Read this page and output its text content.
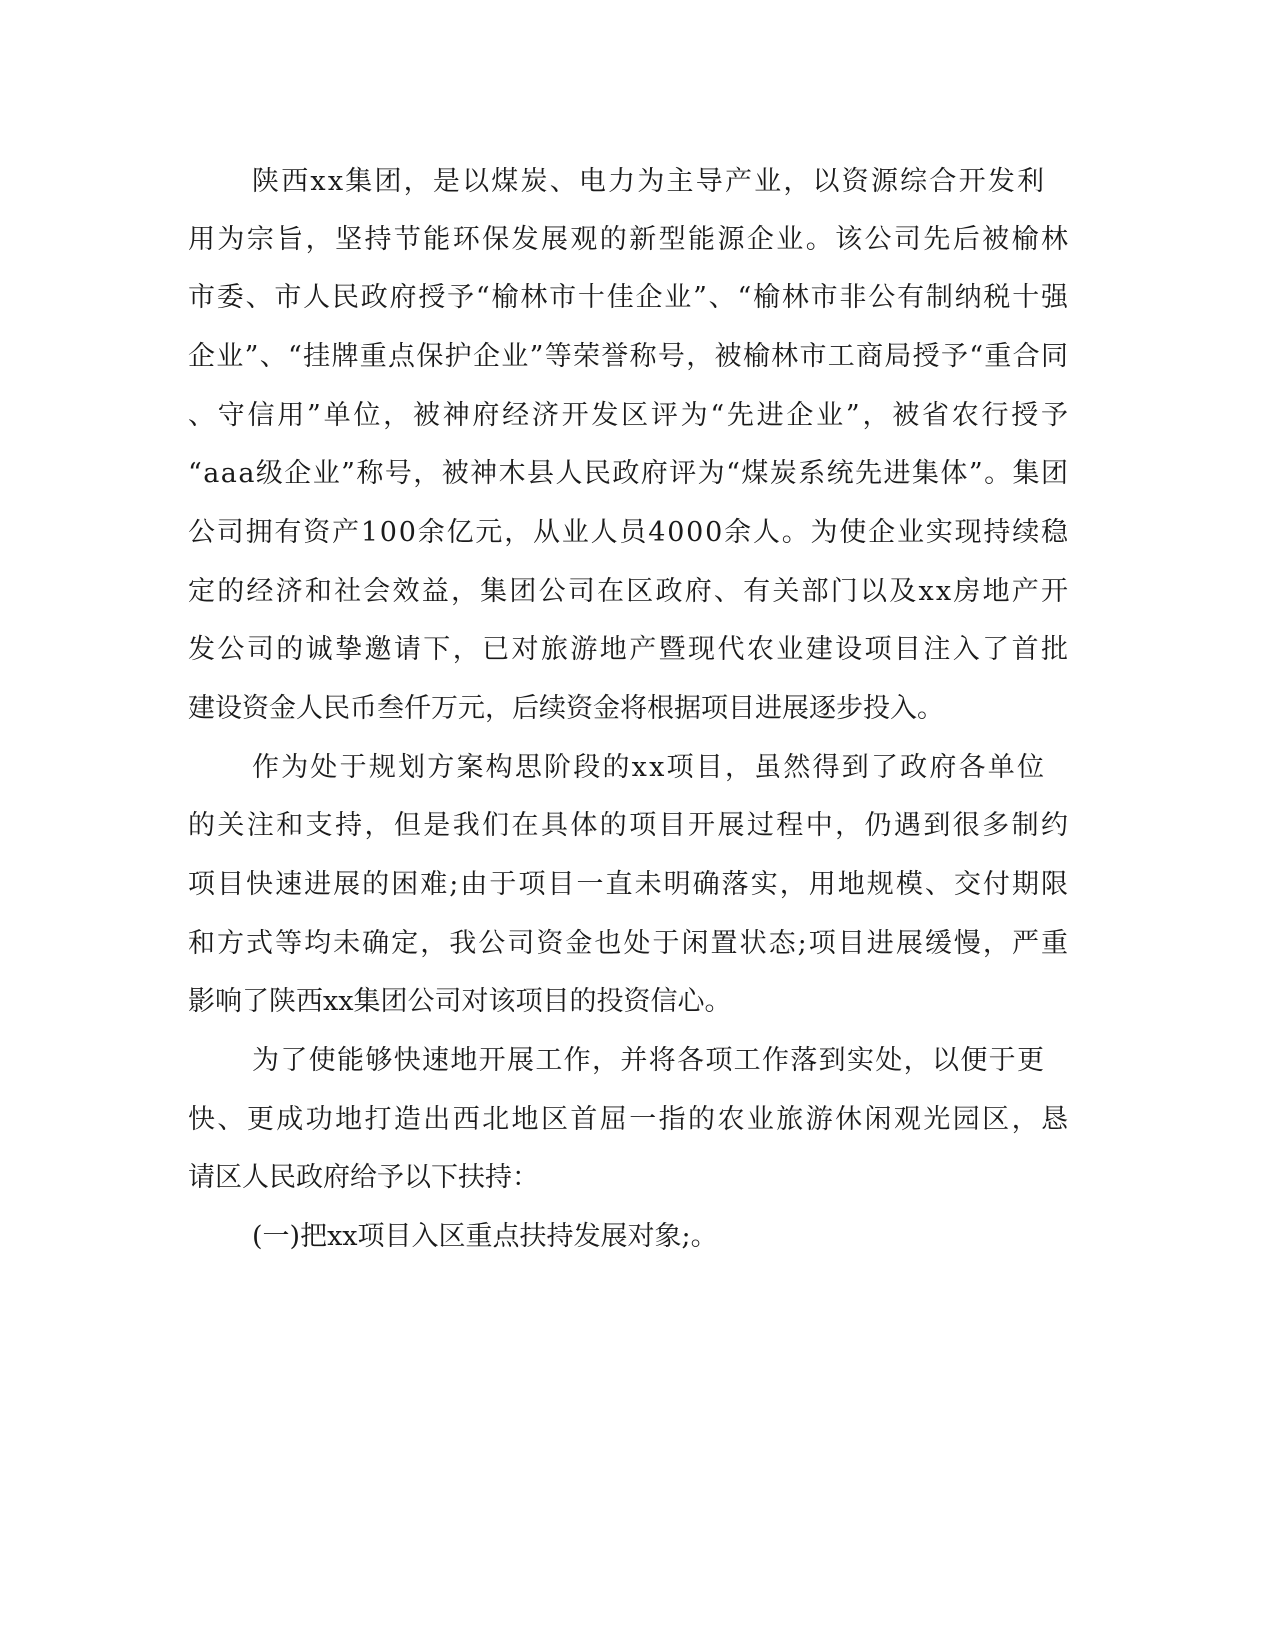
陕西xx集团，是以煤炭、电力为主导产业，以资源综合开发利
用为宗旨，坚持节能环保发展观的新型能源企业。该公司先后被榆林
市委、市人民政府授予“榆林市十佳企业”、“榆林市非公有制纳税十强
企业”、“挂牌重点保护企业”等荣誉称号，被榆林市工商局授予“重合同
、守信用”单位，被神府经济开发区评为“先进企业”，被省农行授予
“aaa级企业”称号，被神木县人民政府评为“煤炭系统先进集体”。集团
公司拥有资产100余亿元，从业人员4000余人。为使企业实现持续稳
定的经济和社会效益，集团公司在区政府、有关部门以及xx房地产开
发公司的诚挚邀请下，已对旅游地产暨现代农业建设项目注入了首批
建设资金人民币叁仟万元，后续资金将根据项目进展逐步投入。
作为处于规划方案构思阶段的xx项目，虽然得到了政府各单位
的关注和支持，但是我们在具体的项目开展过程中，仍遇到很多制约
项目快速进展的困难;由于项目一直未明确落实，用地规模、交付期限
和方式等均未确定，我公司资金也处于闲置状态;项目进展缓慢，严重
影响了陕西xx集团公司对该项目的投资信心。
为了使能够快速地开展工作，并将各项工作落到实处，以便于更
快、更成功地打造出西北地区首屈一指的农业旅游休闲观光园区，恳
请区人民政府给予以下扶持：
(一)把xx项目入区重点扶持发展对象;。
